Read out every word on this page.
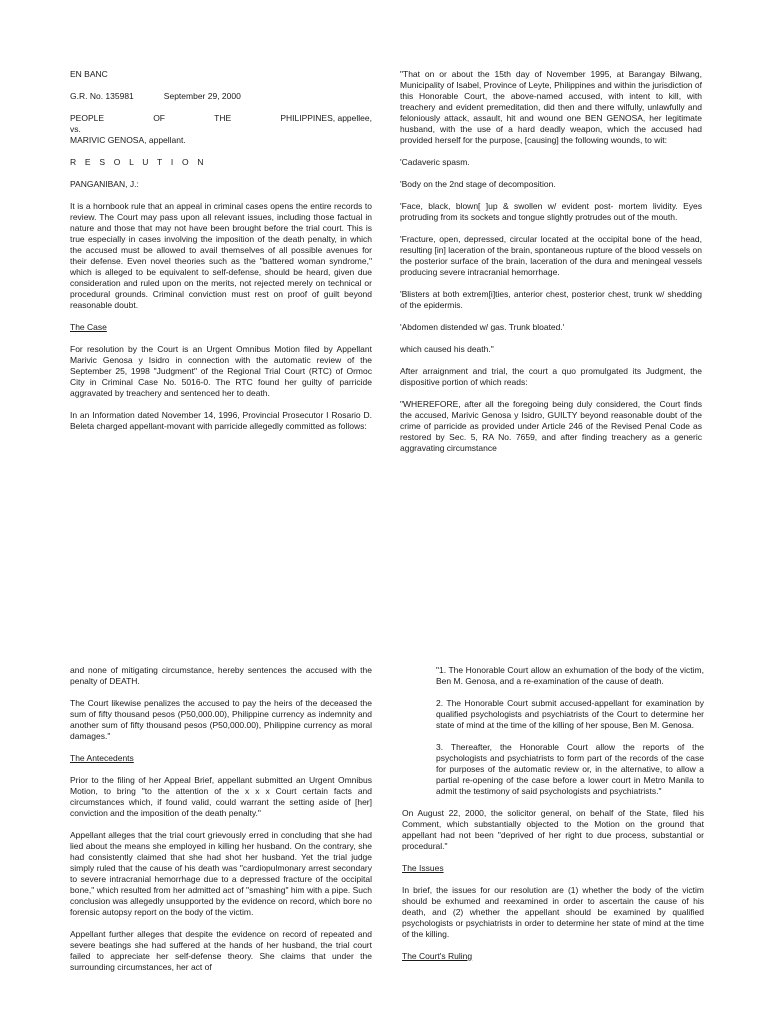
EN BANC

G.R. No. 135981	September 29, 2000

PEOPLE	OF	THE	PHILIPPINES, appellee,
vs.
MARIVIC GENOSA, appellant.

R E S O L U T I O N

PANGANIBAN, J.:

It is a hornbook rule that an appeal in criminal cases opens the entire records to review. The Court may pass upon all relevant issues, including those factual in nature and those that may not have been brought before the trial court. This is true especially in cases involving the imposition of the death penalty, in which the accused must be allowed to avail themselves of all possible avenues for their defense. Even novel theories such as the "battered woman syndrome," which is alleged to be equivalent to self-defense, should be heard, given due consideration and ruled upon on the merits, not rejected merely on technical or procedural grounds. Criminal conviction must rest on proof of guilt beyond reasonable doubt.

The Case

For resolution by the Court is an Urgent Omnibus Motion filed by Appellant Marivic Genosa y Isidro in connection with the automatic review of the September 25, 1998 "Judgment" of the Regional Trial Court (RTC) of Ormoc City in Criminal Case No. 5016-0. The RTC found her guilty of parricide aggravated by treachery and sentenced her to death.

In an Information dated November 14, 1996, Provincial Prosecutor I Rosario D. Beleta charged appellant-movant with parricide allegedly committed as follows:

"That on or about the 15th day of November 1995, at Barangay Bilwang, Municipality of Isabel, Province of Leyte, Philippines and within the jurisdiction of this Honorable Court, the above-named accused, with intent to kill, with treachery and evident premeditation, did then and there wilfully, unlawfully and feloniously attack, assault, hit and wound one BEN GENOSA, her legitimate husband, with the use of a hard deadly weapon, which the accused had provided herself for the purpose, [causing] the following wounds, to wit:

'Cadaveric spasm.

'Body on the 2nd stage of decomposition.

'Face, black, blown[ ]up & swollen w/ evident post- mortem lividity. Eyes protruding from its sockets and tongue slightly protrudes out of the mouth.

'Fracture, open, depressed, circular located at the occipital bone of the head, resulting [in] laceration of the brain, spontaneous rupture of the blood vessels on the posterior surface of the brain, laceration of the dura and meningeal vessels producing severe intracranial hemorrhage.

'Blisters at both extrem[i]ties, anterior chest, posterior chest, trunk w/ shedding of the epidermis.

'Abdomen distended w/ gas. Trunk bloated.'

which caused his death."

After arraignment and trial, the court a quo promulgated its Judgment, the dispositive portion of which reads:

"WHEREFORE, after all the foregoing being duly considered, the Court finds the accused, Marivic Genosa y Isidro, GUILTY beyond reasonable doubt of the crime of parricide as provided under Article 246 of the Revised Penal Code as restored by Sec. 5, RA No. 7659, and after finding treachery as a generic aggravating circumstance

and none of mitigating circumstance, hereby sentences the accused with the penalty of DEATH.

The Court likewise penalizes the accused to pay the heirs of the deceased the sum of fifty thousand pesos (P50,000.00), Philippine currency as indemnity and another sum of fifty thousand pesos (P50,000.00), Philippine currency as moral damages."

The Antecedents

Prior to the filing of her Appeal Brief, appellant submitted an Urgent Omnibus Motion, to bring "to the attention of the x x x Court certain facts and circumstances which, if found valid, could warrant the setting aside of [her] conviction and the imposition of the death penalty."

Appellant alleges that the trial court grievously erred in concluding that she had lied about the means she employed in killing her husband. On the contrary, she had consistently claimed that she had shot her husband. Yet the trial judge simply ruled that the cause of his death was "cardiopulmonary arrest secondary to severe intracranial hemorrhage due to a depressed fracture of the occipital bone," which resulted from her admitted act of "smashing" him with a pipe. Such conclusion was allegedly unsupported by the evidence on record, which bore no forensic autopsy report on the body of the victim.

Appellant further alleges that despite the evidence on record of repeated and severe beatings she had suffered at the hands of her husband, the trial court failed to appreciate her self-defense theory. She claims that under the surrounding circumstances, her act of

"1. The Honorable Court allow an exhumation of the body of the victim, Ben M. Genosa, and a re-examination of the cause of death.

2. The Honorable Court submit accused-appellant for examination by qualified psychologists and psychiatrists of the Court to determine her state of mind at the time of the killing of her spouse, Ben M. Genosa.

3. Thereafter, the Honorable Court allow the reports of the psychologists and psychiatrists to form part of the records of the case for purposes of the automatic review or, in the alternative, to allow a partial re-opening of the case before a lower court in Metro Manila to admit the testimony of said psychologists and psychiatrists."

On August 22, 2000, the solicitor general, on behalf of the State, filed his Comment, which substantially objected to the Motion on the ground that appellant had not been "deprived of her right to due process, substantial or procedural."

The Issues

In brief, the issues for our resolution are (1) whether the body of the victim should be exhumed and reexamined in order to ascertain the cause of his death, and (2) whether the appellant should be examined by qualified psychologists or psychiatrists in order to determine her state of mind at the time of the killing.

The Court's Ruling
